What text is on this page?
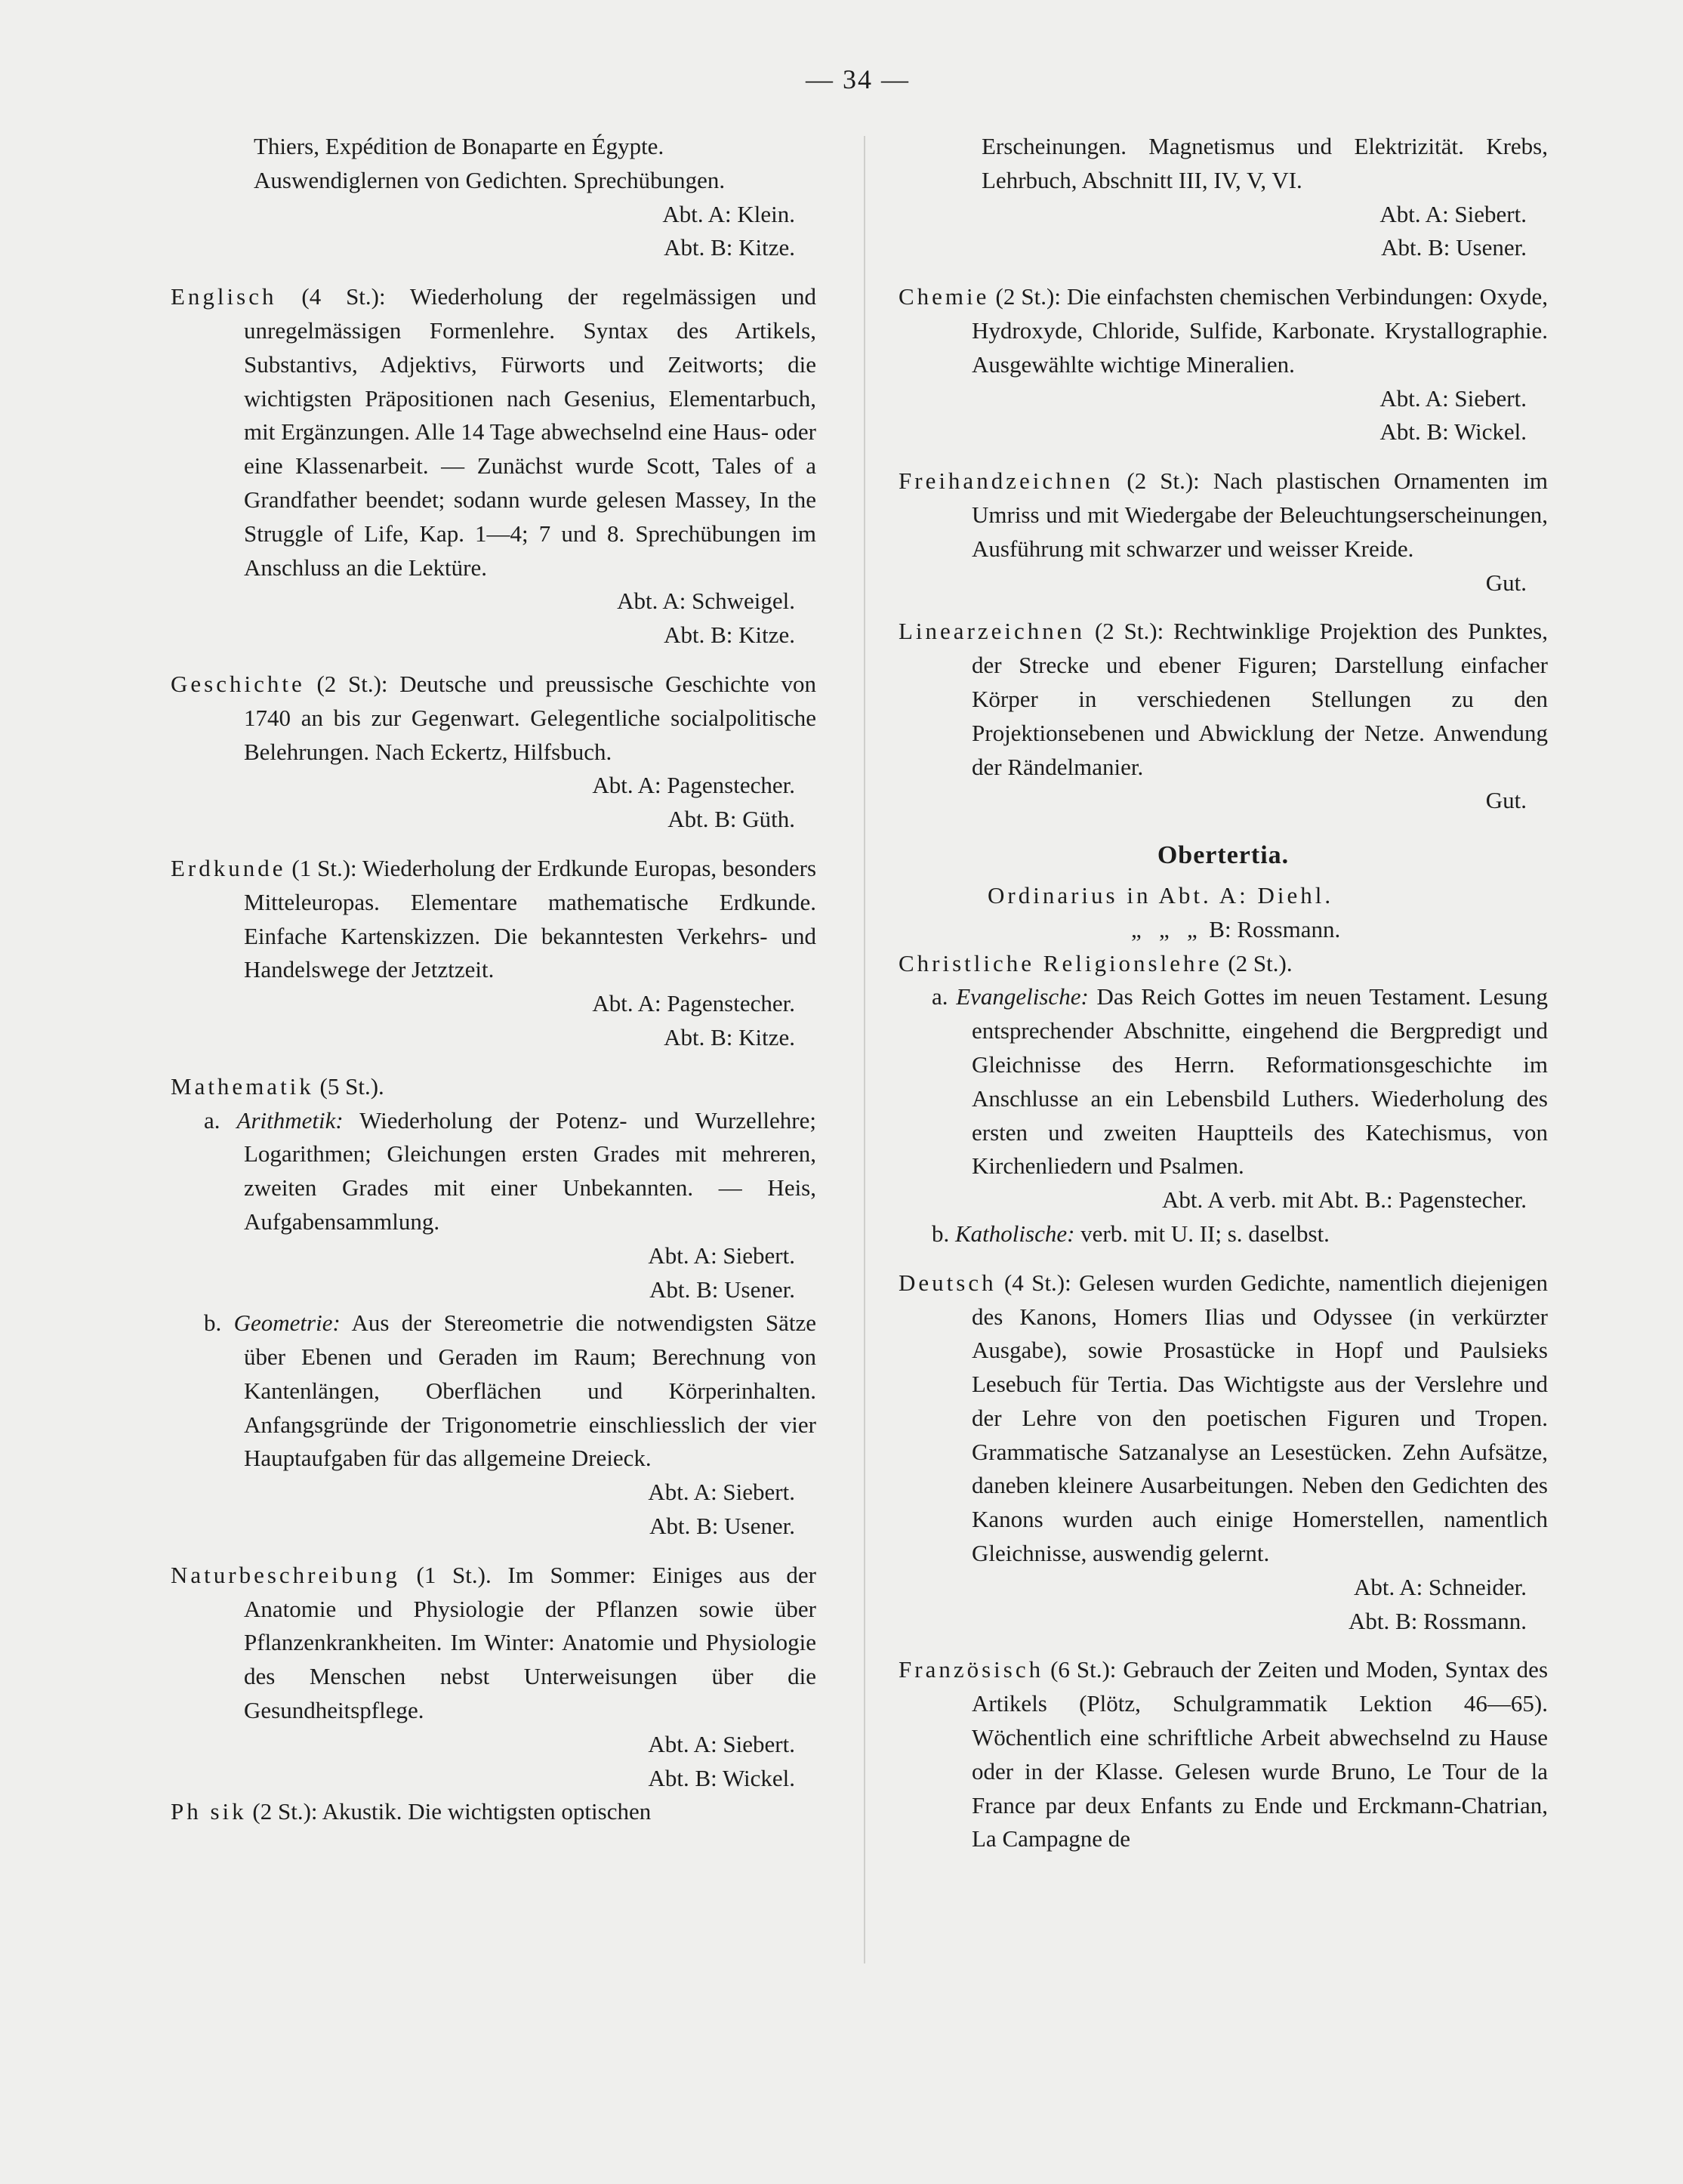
— 34 —
Thiers, Expédition de Bonaparte en Égypte.
Auswendiglernen von Gedichten. Sprechübungen.
Abt. A: Klein.
Abt. B: Kitze.
Englisch (4 St.): Wiederholung der regelmässigen und unregelmässigen Formenlehre. Syntax des Artikels, Substantivs, Adjektivs, Fürworts und Zeitworts; die wichtigsten Präpositionen nach Gesenius, Elementarbuch, mit Ergänzungen. Alle 14 Tage abwechselnd eine Haus- oder eine Klassenarbeit. — Zunächst wurde Scott, Tales of a Grandfather beendet; sodann wurde gelesen Massey, In the Struggle of Life, Kap. 1—4; 7 und 8. Sprechübungen im Anschluss an die Lektüre.
Abt. A: Schweigel.
Abt. B: Kitze.
Geschichte (2 St.): Deutsche und preussische Geschichte von 1740 an bis zur Gegenwart. Gelegentliche socialpolitische Belehrungen. Nach Eckertz, Hilfsbuch.
Abt. A: Pagenstecher.
Abt. B: Güth.
Erdkunde (1 St.): Wiederholung der Erdkunde Europas, besonders Mitteleuropas. Elementare mathematische Erdkunde. Einfache Kartenskizzen. Die bekanntesten Verkehrs- und Handelswege der Jetztzeit.
Abt. A: Pagenstecher.
Abt. B: Kitze.
Mathematik (5 St.).
a. Arithmetik: Wiederholung der Potenz- und Wurzellehre; Logarithmen; Gleichungen ersten Grades mit mehreren, zweiten Grades mit einer Unbekannten. — Heis, Aufgabensammlung.
Abt. A: Siebert.
Abt. B: Usener.
b. Geometrie: Aus der Stereometrie die notwendigsten Sätze über Ebenen und Geraden im Raum; Berechnung von Kantenlängen, Oberflächen und Körperinhalten. Anfangsgründe der Trigonometrie einschliesslich der vier Hauptaufgaben für das allgemeine Dreieck.
Abt. A: Siebert.
Abt. B: Usener.
Naturbeschreibung (1 St.). Im Sommer: Einiges aus der Anatomie und Physiologie der Pflanzen sowie über Pflanzenkrankheiten. Im Winter: Anatomie und Physiologie des Menschen nebst Unterweisungen über die Gesundheitspflege.
Abt. A: Siebert.
Abt. B: Wickel.
Ph sik (2 St.): Akustik. Die wichtigsten optischen
Erscheinungen. Magnetismus und Elektrizität. Krebs, Lehrbuch, Abschnitt III, IV, V, VI.
Abt. A: Siebert.
Abt. B: Usener.
Chemie (2 St.): Die einfachsten chemischen Verbindungen: Oxyde, Hydroxyde, Chloride, Sulfide, Karbonate. Krystallographie. Ausgewählte wichtige Mineralien.
Abt. A: Siebert.
Abt. B: Wickel.
Freihandzeichnen (2 St.): Nach plastischen Ornamenten im Umriss und mit Wiedergabe der Beleuchtungserscheinungen, Ausführung mit schwarzer und weisser Kreide.
Gut.
Linearzeichnen (2 St.): Rechtwinklige Projektion des Punktes, der Strecke und ebener Figuren; Darstellung einfacher Körper in verschiedenen Stellungen zu den Projektionsebenen und Abwicklung der Netze. Anwendung der Rändelmanier.
Gut.
Obertertia.
Ordinarius in Abt. A: Diehl.
„   „   „  B: Rossmann.
Christliche Religionslehre (2 St.).
a. Evangelische: Das Reich Gottes im neuen Testament. Lesung entsprechender Abschnitte, eingehend die Bergpredigt und Gleichnisse des Herrn. Reformationsgeschichte im Anschlusse an ein Lebensbild Luthers. Wiederholung des ersten und zweiten Hauptteils des Katechismus, von Kirchenliedern und Psalmen.
Abt. A verb. mit Abt. B.: Pagenstecher.
b. Katholische: verb. mit U. II; s. daselbst.
Deutsch (4 St.): Gelesen wurden Gedichte, namentlich diejenigen des Kanons, Homers Ilias und Odyssee (in verkürzter Ausgabe), sowie Prosastücke in Hopf und Paulsieks Lesebuch für Tertia. Das Wichtigste aus der Verslehre und der Lehre von den poetischen Figuren und Tropen. Grammatische Satzanalyse an Lesestücken. Zehn Aufsätze, daneben kleinere Ausarbeitungen. Neben den Gedichten des Kanons wurden auch einige Homerstellen, namentlich Gleichnisse, auswendig gelernt.
Abt. A: Schneider.
Abt. B: Rossmann.
Französisch (6 St.): Gebrauch der Zeiten und Moden, Syntax des Artikels (Plötz, Schulgrammatik Lektion 46—65). Wöchentlich eine schriftliche Arbeit abwechselnd zu Hause oder in der Klasse. Gelesen wurde Bruno, Le Tour de la France par deux Enfants zu Ende und Erckmann-Chatrian, La Campagne de
